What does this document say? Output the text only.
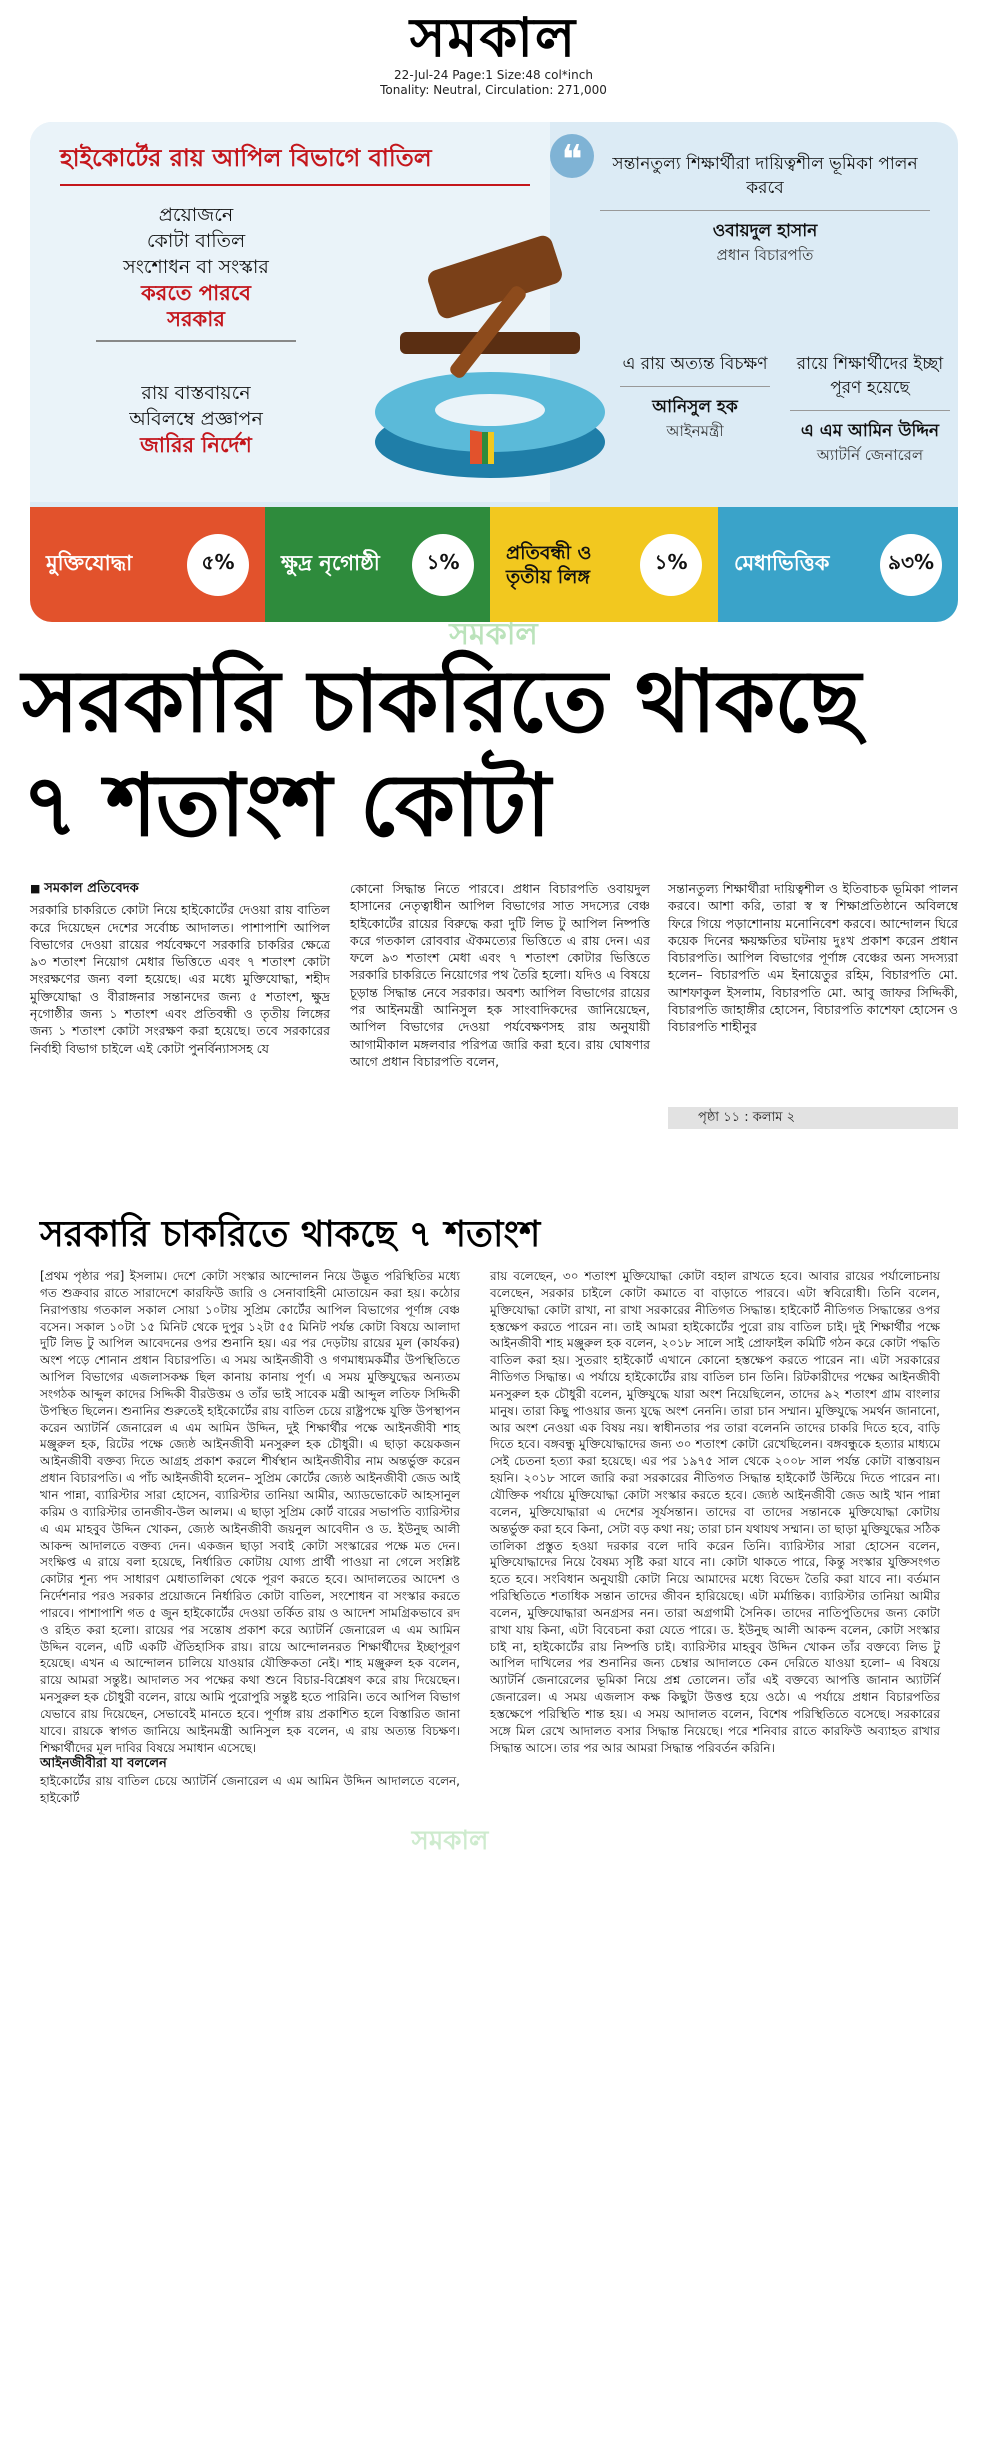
সমকাল
22-Jul-24 Page:1 Size:48 col*inch
Tonality: Neutral, Circulation: 271,000
হাইকোর্টের রায় আপিল বিভাগে বাতিল
প্রয়োজনে
কোটা বাতিল
সংশোধন বা সংস্কার
করতে পারবে
সরকার
রায় বাস্তবায়নে
অবিলম্বে প্রজ্ঞাপন
জারির নির্দেশ
❝	সন্তানতুল্য শিক্ষার্থীরা দায়িত্বশীল ভূমিকা পালন করবে
ওবায়দুল হাসান
প্রধান বিচারপতি
এ রায় অত্যন্ত বিচক্ষণ
আনিসুল হক
আইনমন্ত্রী
রায়ে শিক্ষার্থীদের ইচ্ছা পূরণ হয়েছে
এ এম আমিন উদ্দিন
অ্যাটর্নি জেনারেল
মুক্তিযোদ্ধা	৫%	ক্ষুদ্র নৃগোষ্ঠী	১%	প্রতিবন্ধী ও তৃতীয় লিঙ্গ
১%	মেধাভিত্তিক	৯৩%
সমকাল
সরকারি চাকরিতে থাকছে
৭ শতাংশ কোটা
■ সমকাল প্রতিবেদক
সরকারি চাকরিতে কোটা নিয়ে হাইকোর্টের দেওয়া রায় বাতিল করে দিয়েছেন দেশের সর্বোচ্চ আদালত। পাশাপাশি আপিল বিভাগের দেওয়া রায়ের পর্যবেক্ষণে সরকারি চাকরির ক্ষেত্রে ৯৩ শতাংশ নিয়োগ মেধার ভিত্তিতে এবং ৭ শতাংশ কোটা সংরক্ষণের জন্য বলা হয়েছে। এর মধ্যে মুক্তিযোদ্ধা, শহীদ মুক্তিযোদ্ধা ও বীরাঙ্গনার সন্তানদের জন্য ৫ শতাংশ, ক্ষুদ্র নৃগোষ্ঠীর জন্য ১ শতাংশ এবং প্রতিবন্ধী ও তৃতীয় লিঙ্গের জন্য ১ শতাংশ কোটা সংরক্ষণ করা হয়েছে। তবে সরকারের নির্বাহী বিভাগ চাইলে এই কোটা পুনর্বিন্যাসসহ যে
কোনো সিদ্ধান্ত নিতে পারবে। প্রধান বিচারপতি ওবায়দুল হাসানের নেতৃত্বাধীন আপিল বিভাগের সাত সদস্যের বেঞ্চ হাইকোর্টের রায়ের বিরুদ্ধে করা দুটি লিভ টু আপিল নিষ্পত্তি করে গতকাল রোববার ঐকমত্যের ভিত্তিতে এ রায় দেন। এর ফলে ৯৩ শতাংশ মেধা এবং ৭ শতাংশ কোটার ভিত্তিতে সরকারি চাকরিতে নিয়োগের পথ তৈরি হলো। যদিও এ বিষয়ে চূড়ান্ত সিদ্ধান্ত নেবে সরকার। অবশ্য আপিল বিভাগের রায়ের পর আইনমন্ত্রী আনিসুল হক সাংবাদিকদের জানিয়েছেন, আপিল বিভাগের দেওয়া পর্যবেক্ষণসহ রায় অনুযায়ী আগামীকাল মঙ্গলবার পরিপত্র জারি করা হবে। রায় ঘোষণার আগে প্রধান বিচারপতি বলেন,
সন্তানতুল্য শিক্ষার্থীরা দায়িত্বশীল ও ইতিবাচক ভূমিকা পালন করবে। আশা করি, তারা স্ব স্ব শিক্ষাপ্রতিষ্ঠানে অবিলম্বে ফিরে গিয়ে পড়াশোনায় মনোনিবেশ করবে। আন্দোলন ঘিরে কয়েক দিনের ক্ষয়ক্ষতির ঘটনায় দুঃখ প্রকাশ করেন প্রধান বিচারপতি। আপিল বিভাগের পূর্ণাঙ্গ বেঞ্চের অন্য সদস্যরা হলেন– বিচারপতি এম ইনায়েতুর রহিম, বিচারপতি মো. আশফাকুল ইসলাম, বিচারপতি মো. আবু জাফর সিদ্দিকী, বিচারপতি জাহাঙ্গীর হোসেন, বিচারপতি কাশেফা হোসেন ও বিচারপতি শাহীনুর
পৃষ্ঠা ১১ : কলাম ২
সরকারি চাকরিতে থাকছে ৭ শতাংশ
[প্রথম পৃষ্ঠার পর] ইসলাম। দেশে কোটা সংস্কার আন্দোলন নিয়ে উদ্ভূত পরিস্থিতির মধ্যে গত শুক্রবার রাতে সারাদেশে কারফিউ জারি ও সেনাবাহিনী মোতায়েন করা হয়। কঠোর নিরাপত্তায় গতকাল সকাল সোয়া ১০টায় সুপ্রিম কোর্টের আপিল বিভাগের পূর্ণাঙ্গ বেঞ্চ বসেন। সকাল ১০টা ১৫ মিনিট থেকে দুপুর ১২টা ৫৫ মিনিট পর্যন্ত কোটা বিষয়ে আলাদা দুটি লিভ টু আপিল আবেদনের ওপর শুনানি হয়। এর পর দেড়টায় রায়ের মূল (কার্যকর) অংশ পড়ে শোনান প্রধান বিচারপতি। এ সময় আইনজীবী ও গণমাধ্যমকর্মীর উপস্থিতিতে আপিল বিভাগের এজলাসকক্ষ ছিল কানায় কানায় পূর্ণ। এ সময় মুক্তিযুদ্ধের অন্যতম সংগঠক আব্দুল কাদের সিদ্দিকী বীরউত্তম ও তাঁর ভাই সাবেক মন্ত্রী আব্দুল লতিফ সিদ্দিকী উপস্থিত ছিলেন। শুনানির শুরুতেই হাইকোর্টের রায় বাতিল চেয়ে রাষ্ট্রপক্ষে যুক্তি উপস্থাপন করেন অ্যাটর্নি জেনারেল এ এম আমিন উদ্দিন, দুই শিক্ষার্থীর পক্ষে আইনজীবী শাহ মঞ্জুরুল হক, রিটের পক্ষে জ্যেষ্ঠ আইনজীবী মনসুরুল হক চৌধুরী। এ ছাড়া কয়েকজন আইনজীবী বক্তব্য দিতে আগ্রহ প্রকাশ করলে শীর্ষস্থান আইনজীবীর নাম অন্তর্ভুক্ত করেন প্রধান বিচারপতি। এ পাঁচ আইনজীবী হলেন– সুপ্রিম কোর্টের জ্যেষ্ঠ আইনজীবী জেড আই খান পান্না, ব্যারিস্টার সারা হোসেন, ব্যারিস্টার তানিয়া আমীর, অ্যাডভোকেট আহসানুল করিম ও ব্যারিস্টার তানজীব-উল আলম। এ ছাড়া সুপ্রিম কোর্ট বারের সভাপতি ব্যারিস্টার এ এম মাহবুব উদ্দিন খোকন, জ্যেষ্ঠ আইনজীবী জয়নুল আবেদীন ও ড. ইউনুছ আলী আকন্দ আদালতে বক্তব্য দেন। একজন ছাড়া সবাই কোটা সংস্কারের পক্ষে মত দেন। সংক্ষিপ্ত এ রায়ে বলা হয়েছে, নির্ধারিত কোটায় যোগ্য প্রার্থী পাওয়া না গেলে সংশ্লিষ্ট কোটার শূন্য পদ সাধারণ মেধাতালিকা থেকে পূরণ করতে হবে। আদালতের আদেশ ও নির্দেশনার পরও সরকার প্রয়োজনে নির্ধারিত কোটা বাতিল, সংশোধন বা সংস্কার করতে পারবে। পাশাপাশি গত ৫ জুন হাইকোর্টের দেওয়া তর্কিত রায় ও আদেশ সামগ্রিকভাবে রদ ও রহিত করা হলো। রায়ের পর সন্তোষ প্রকাশ করে অ্যাটর্নি জেনারেল এ এম আমিন উদ্দিন বলেন, এটি একটি ঐতিহাসিক রায়। রায়ে আন্দোলনরত শিক্ষার্থীদের ইচ্ছাপূরণ হয়েছে। এখন এ আন্দোলন চালিয়ে যাওয়ার যৌক্তিকতা নেই। শাহ মঞ্জুরুল হক বলেন, রায়ে আমরা সন্তুষ্ট। আদালত সব পক্ষের কথা শুনে বিচার-বিশ্লেষণ করে রায় দিয়েছেন। মনসুরুল হক চৌধুরী বলেন, রায়ে আমি পুরোপুরি সন্তুষ্ট হতে পারিনি। তবে আপিল বিভাগ যেভাবে রায় দিয়েছেন, সেভাবেই মানতে হবে। পূর্ণাঙ্গ রায় প্রকাশিত হলে বিস্তারিত জানা যাবে। রায়কে স্বাগত জানিয়ে আইনমন্ত্রী আনিসুল হক বলেন, এ রায় অত্যন্ত বিচক্ষণ। শিক্ষার্থীদের মূল দাবির বিষয়ে সমাধান এসেছে।
আইনজীবীরা যা বললেন
হাইকোর্টের রায় বাতিল চেয়ে অ্যাটর্নি জেনারেল এ এম আমিন উদ্দিন আদালতে বলেন, হাইকোর্ট
রায় বলেছেন, ৩০ শতাংশ মুক্তিযোদ্ধা কোটা বহাল রাখতে হবে। আবার রায়ের পর্যালোচনায় বলেছেন, সরকার চাইলে কোটা কমাতে বা বাড়াতে পারবে। এটা স্ববিরোধী। তিনি বলেন, মুক্তিযোদ্ধা কোটা রাখা, না রাখা সরকারের নীতিগত সিদ্ধান্ত। হাইকোর্ট নীতিগত সিদ্ধান্তের ওপর হস্তক্ষেপ করতে পারেন না। তাই আমরা হাইকোর্টের পুরো রায় বাতিল চাই। দুই শিক্ষার্থীর পক্ষে আইনজীবী শাহ মঞ্জুরুল হক বলেন, ২০১৮ সালে সাই প্রোফাইল কমিটি গঠন করে কোটা পদ্ধতি বাতিল করা হয়। সুতরাং হাইকোর্ট এখানে কোনো হস্তক্ষেপ করতে পারেন না। এটা সরকারের নীতিগত সিদ্ধান্ত। এ পর্যায়ে হাইকোর্টের রায় বাতিল চান তিনি। রিটকারীদের পক্ষের আইনজীবী মনসুরুল হক চৌধুরী বলেন, মুক্তিযুদ্ধে যারা অংশ নিয়েছিলেন, তাদের ৯২ শতাংশ গ্রাম বাংলার মানুষ। তারা কিছু পাওয়ার জন্য যুদ্ধে অংশ নেননি। তারা চান সম্মান। মুক্তিযুদ্ধে সমর্থন জানানো, আর অংশ নেওয়া এক বিষয় নয়। স্বাধীনতার পর তারা বলেননি তাদের চাকরি দিতে হবে, বাড়ি দিতে হবে। বঙ্গবন্ধু মুক্তিযোদ্ধাদের জন্য ৩০ শতাংশ কোটা রেখেছিলেন। বঙ্গবন্ধুকে হত্যার মাধ্যমে সেই চেতনা হত্যা করা হয়েছে। এর পর ১৯৭৫ সাল থেকে ২০০৮ সাল পর্যন্ত কোটা বাস্তবায়ন হয়নি। ২০১৮ সালে জারি করা সরকারের নীতিগত সিদ্ধান্ত হাইকোর্ট উল্টিয়ে দিতে পারেন না। যৌক্তিক পর্যায়ে মুক্তিযোদ্ধা কোটা সংস্কার করতে হবে। জ্যেষ্ঠ আইনজীবী জেড আই খান পান্না বলেন, মুক্তিযোদ্ধারা এ দেশের সূর্যসন্তান। তাদের বা তাদের সন্তানকে মুক্তিযোদ্ধা কোটায় অন্তর্ভুক্ত করা হবে কিনা, সেটা বড় কথা নয়; তারা চান যথাযথ সম্মান। তা ছাড়া মুক্তিযুদ্ধের সঠিক তালিকা প্রস্তুত হওয়া দরকার বলে দাবি করেন তিনি। ব্যারিস্টার সারা হোসেন বলেন, মুক্তিযোদ্ধাদের নিয়ে বৈষম্য সৃষ্টি করা যাবে না। কোটা থাকতে পারে, কিন্তু সংস্কার যুক্তিসংগত হতে হবে। সংবিধান অনুযায়ী কোটা নিয়ে আমাদের মধ্যে বিভেদ তৈরি করা যাবে না। বর্তমান পরিস্থিতিতে শতাধিক সন্তান তাদের জীবন হারিয়েছে। এটা মর্মান্তিক। ব্যারিস্টার তানিয়া আমীর বলেন, মুক্তিযোদ্ধারা অনগ্রসর নন। তারা অগ্রগামী সৈনিক। তাদের নাতিপুতিদের জন্য কোটা রাখা যায় কিনা, এটা বিবেচনা করা যেতে পারে। ড. ইউনুছ আলী আকন্দ বলেন, কোটা সংস্কার চাই না, হাইকোর্টের রায় নিষ্পত্তি চাই। ব্যারিস্টার মাহবুব উদ্দিন খোকন তাঁর বক্তব্যে লিভ টু আপিল দাখিলের পর শুনানির জন্য চেম্বার আদালতে কেন দেরিতে যাওয়া হলো– এ বিষয়ে অ্যাটর্নি জেনারেলের ভূমিকা নিয়ে প্রশ্ন তোলেন। তাঁর এই বক্তব্যে আপত্তি জানান অ্যাটর্নি জেনারেল। এ সময় এজলাস কক্ষ কিছুটা উত্তপ্ত হয়ে ওঠে। এ পর্যায়ে প্রধান বিচারপতির হস্তক্ষেপে পরিস্থিতি শান্ত হয়। এ সময় আদালত বলেন, বিশেষ পরিস্থিতিতে বসেছে। সরকারের সঙ্গে মিল রেখে আদালত বসার সিদ্ধান্ত নিয়েছে। পরে শনিবার রাতে কারফিউ অব্যাহত রাখার সিদ্ধান্ত আসে। তার পর আর আমরা সিদ্ধান্ত পরিবর্তন করিনি।
সমকাল
